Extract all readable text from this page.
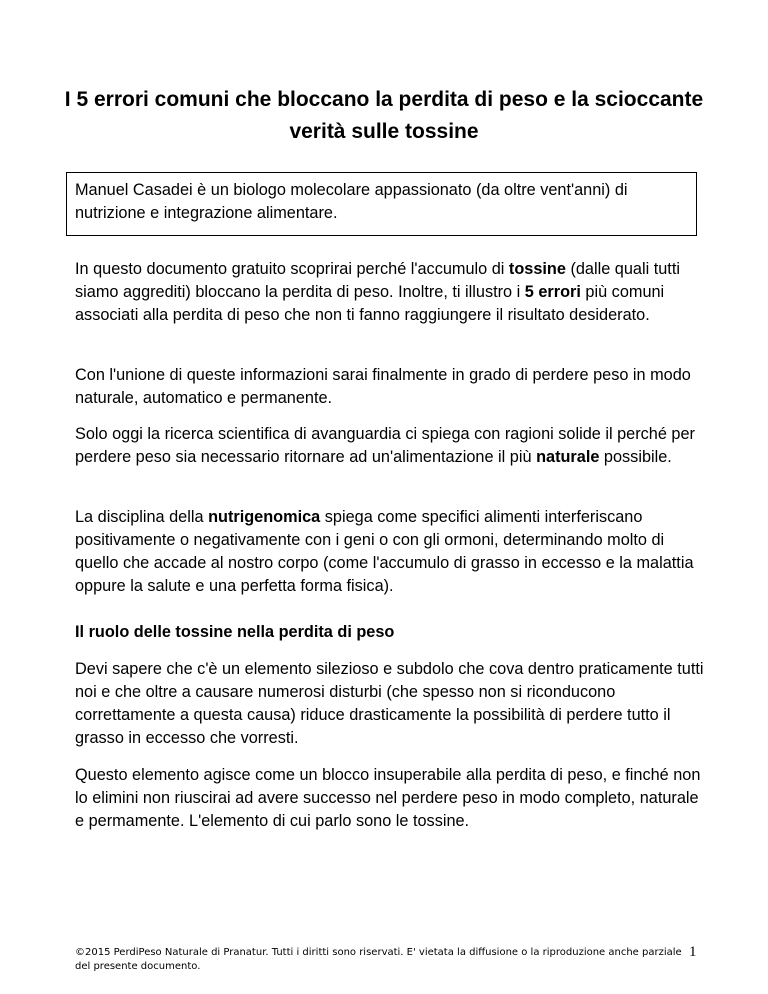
I 5 errori comuni che bloccano la perdita di peso e la scioccante verità sulle tossine
Manuel Casadei è un biologo molecolare appassionato (da oltre vent'anni) di nutrizione e integrazione alimentare.

In questo documento gratuito scoprirai perché l'accumulo di tossine (dalle quali tutti siamo aggrediti) bloccano la perdita di peso. Inoltre, ti illustro i 5 errori più comuni associati alla perdita di peso che non ti fanno raggiungere il risultato desiderato.

Con l'unione di queste informazioni sarai finalmente in grado di perdere peso in modo naturale, automatico e permanente.

Solo oggi la ricerca scientifica di avanguardia ci spiega con ragioni solide il perché per perdere peso sia necessario ritornare ad un'alimentazione il più naturale possibile.

La disciplina della nutrigenomica spiega come specifici alimenti interferiscano positivamente o negativamente con i geni o con gli ormoni, determinando molto di quello che accade al nostro corpo (come l'accumulo di grasso in eccesso e la malattia oppure la salute e una perfetta forma fisica).

Il ruolo delle tossine nella perdita di peso

Devi sapere che c'è un elemento silezioso e subdolo che cova dentro praticamente tutti noi e che oltre a causare numerosi disturbi (che spesso non si riconducono correttamente a questa causa) riduce drasticamente la possibilità di perdere tutto il grasso in eccesso che vorresti.

Questo elemento agisce come un blocco insuperabile alla perdita di peso, e finché non lo elimini non riuscirai ad avere successo nel perdere peso in modo completo, naturale e permamente. L'elemento di cui parlo sono le tossine.

©2015 PerdiPeso Naturale di Pranatur. Tutti i diritti sono riservati. E' vietata la diffusione o la riproduzione anche parziale del presente documento.

1
